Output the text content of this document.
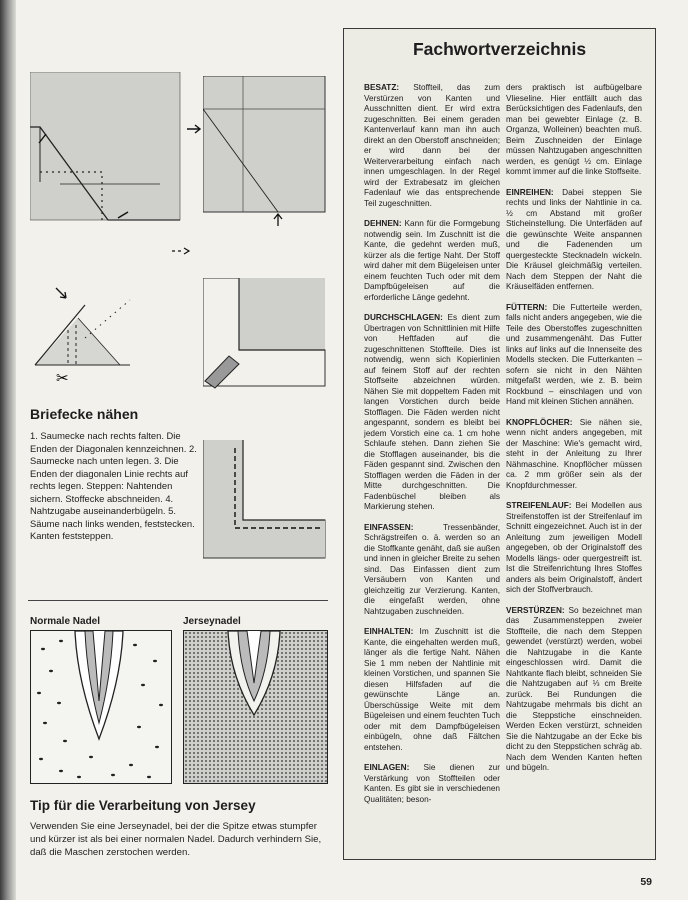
✂
Briefecke nähen
1. Saumecke nach rechts falten. Die Enden der Diagonalen kennzeichnen. 2. Saumecke nach unten legen. 3. Die Enden der diagonalen Linie rechts auf rechts legen. Steppen: Nahtenden sichern. Stoffecke abschneiden. 4. Nahtzugabe auseinanderbügeln. 5. Säume nach links wenden, feststecken. Kanten feststeppen.
Normale Nadel	Jerseynadel
Tip für die Verarbeitung von Jersey
Verwenden Sie eine Jerseynadel, bei der die Spitze etwas stumpfer und kürzer ist als bei einer normalen Nadel. Dadurch verhindern Sie, daß die Maschen zerstochen werden.
Fachwortverzeichnis

BESATZ: Stoffteil, das zum Verstürzen von Kanten und Ausschnitten dient. Er wird extra zugeschnitten. Bei einem geraden Kantenverlauf kann man ihn auch direkt an den Oberstoff anschneiden; er wird dann bei der Weiterverarbeitung einfach nach innen umgeschlagen. In der Regel wird der Extrabesatz im gleichen Fadenlauf wie das entsprechende Teil zugeschnitten.

DEHNEN: Kann für die Formgebung notwendig sein. Im Zuschnitt ist die Kante, die gedehnt werden muß, kürzer als die fertige Naht. Der Stoff wird daher mit dem Bügeleisen unter einem feuchten Tuch oder mit dem Dampfbügeleisen auf die erforderliche Länge gedehnt.

DURCHSCHLAGEN: Es dient zum Übertragen von Schnittlinien mit Hilfe von Heftfaden auf die zugeschnittenen Stoffteile. Dies ist notwendig, wenn sich Kopierlinien auf feinem Stoff auf der rechten Stoffseite abzeichnen würden. Nähen Sie mit doppeltem Faden mit langen Vorstichen durch beide Stofflagen. Die Fäden werden nicht angespannt, sondern es bleibt bei jedem Vorstich eine ca. 1 cm hohe Schlaufe stehen. Dann ziehen Sie die Stofflagen auseinander, bis die Fäden gespannt sind. Zwischen den Stofflagen werden die Fäden in der Mitte durchgeschnitten. Die Fadenbüschel bleiben als Markierung stehen.

EINFASSEN:	Tressenbänder, Schrägstreifen o. ä. werden so an die Stoffkante genäht, daß sie außen und innen in gleicher Breite zu sehen sind. Das Einfassen dient zum Versäubern von Kanten und gleichzeitig zur Verzierung. Kanten, die eingefaßt werden, ohne Nahtzugaben zuschneiden.

EINHALTEN: Im Zuschnitt ist die Kante, die eingehalten werden muß, länger als die fertige Naht. Nähen Sie 1 mm neben der Nahtlinie mit kleinen Vorstichen, und spannen Sie diesen Hilfsfaden auf die gewünschte Länge an. Überschüssige Weite mit dem Bügeleisen und einem feuchten Tuch oder mit dem Dampfbügeleisen einbügeln, ohne daß Fältchen entstehen.

EINLAGEN: Sie dienen zur Verstärkung von Stoffteilen oder Kanten. Es gibt sie in verschiedenen Qualitäten; beson-

ders praktisch ist aufbügelbare Vlieseline. Hier entfällt auch das Berücksichtigen des Fadenlaufs, den man bei gewebter Einlage (z. B. Organza, Wolleinen) beachten muß. Beim Zuschneiden der Einlage müssen Nahtzugaben angeschnitten werden, es genügt ½ cm. Einlage kommt immer auf die linke Stoffseite.

EINREIHEN: Dabei steppen Sie rechts und links der Nahtlinie in ca. ½ cm Abstand mit großer Sticheinstellung. Die Unterfäden auf die gewünschte Weite anspannen und die Fadenenden um quergesteckte Stecknadeln wickeln. Die Kräusel gleichmäßig verteilen. Nach dem Steppen der Naht die Kräuselfäden entfernen.

FÜTTERN: Die Futterteile werden, falls nicht anders angegeben, wie die Teile des Oberstoffes zugeschnitten und zusammengenäht. Das Futter links auf links auf die Innenseite des Modells stecken. Die Futterkanten – sofern sie nicht in den Nähten mitgefaßt werden, wie z. B. beim Rockbund – einschlagen und von Hand mit kleinen Stichen annähen.

KNOPFLÖCHER: Sie nähen sie, wenn nicht anders angegeben, mit der Maschine: Wie's gemacht wird, steht in der Anleitung zu Ihrer Nähmaschine. Knopflöcher müssen ca. 2 mm größer sein als der Knopfdurchmesser.

STREIFENLAUF: Bei Modellen aus Streifenstoffen ist der Streifenlauf im Schnitt eingezeichnet. Auch ist in der Anleitung zum jeweiligen Modell angegeben, ob der Originalstoff des Modells längs- oder quergestreift ist. Ist die Streifenrichtung Ihres Stoffes anders als beim Originalstoff, ändert sich der Stoffverbrauch.

VERSTÜRZEN: So bezeichnet man das Zusammensteppen zweier Stoffteile, die nach dem Steppen gewendet (verstürzt) werden, wobei die Nahtzugabe in die Kante eingeschlossen wird. Damit die Nahtkante flach bleibt, schneiden Sie die Nahtzugaben auf ⅓ cm Breite zurück. Bei Rundungen die Nahtzugabe mehrmals bis dicht an die Steppstiche einschneiden. Werden Ecken verstürzt, schneiden Sie die Nahtzugabe an der Ecke bis dicht zu den Steppstichen schräg ab. Nach dem Wenden Kanten heften und bügeln.

59
